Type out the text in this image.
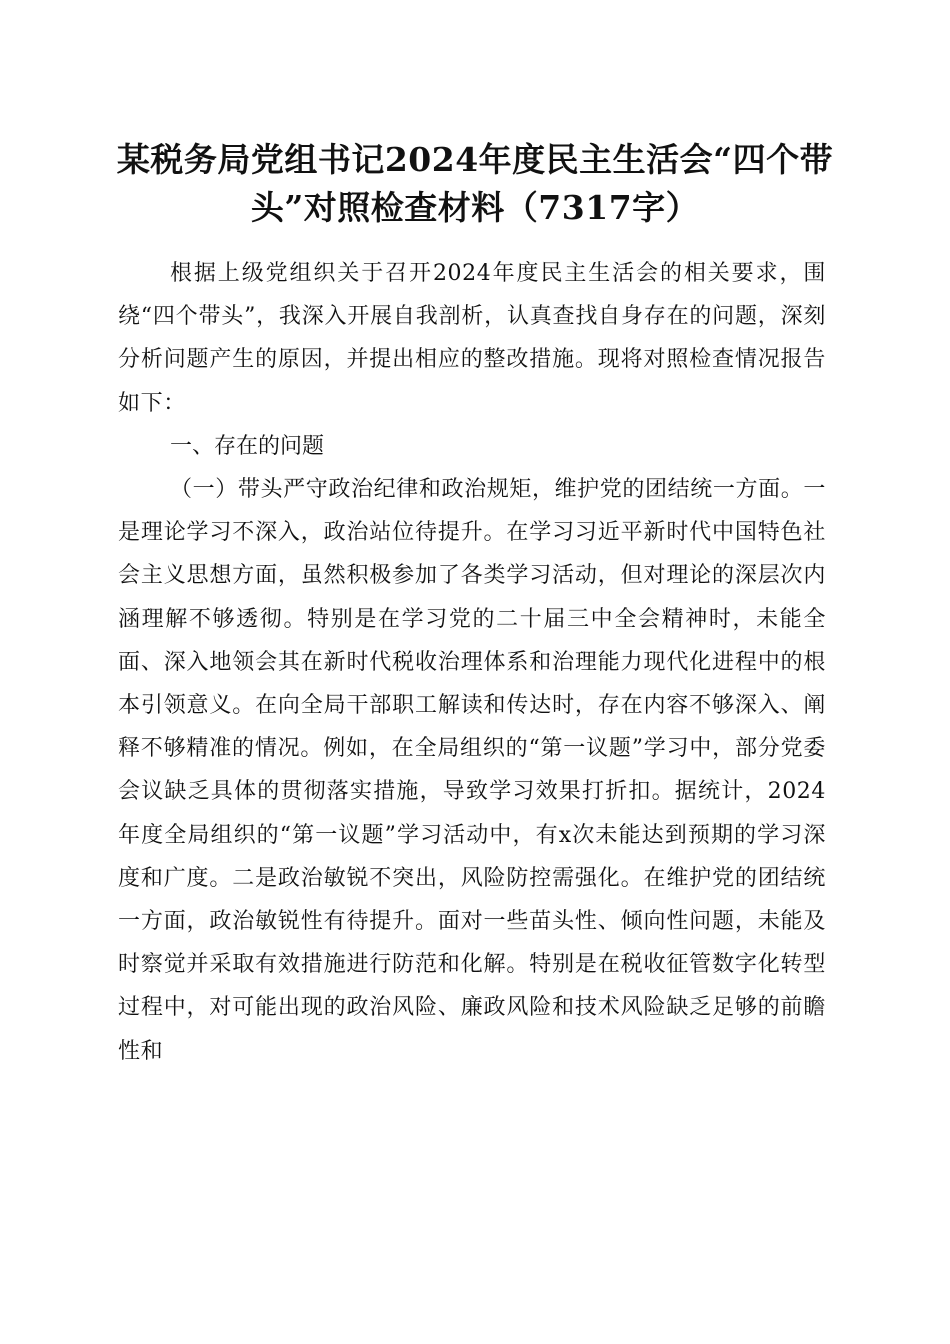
某税务局党组书记2024年度民主生活会“四个带头”对照检查材料（7317字）

根据上级党组织关于召开2024年度民主生活会的相关要求，围绕“四个带头”，我深入开展自我剖析，认真查找自身存在的问题，深刻分析问题产生的原因，并提出相应的整改措施。现将对照检查情况报告如下：

一、存在的问题

（一）带头严守政治纪律和政治规矩，维护党的团结统一方面。一是理论学习不深入，政治站位待提升。在学习习近平新时代中国特色社会主义思想方面，虽然积极参加了各类学习活动，但对理论的深层次内涵理解不够透彻。特别是在学习党的二十届三中全会精神时，未能全面、深入地领会其在新时代税收治理体系和治理能力现代化进程中的根本引领意义。在向全局干部职工解读和传达时，存在内容不够深入、阐释不够精准的情况。例如，在全局组织的“第一议题”学习中，部分党委会议缺乏具体的贯彻落实措施，导致学习效果打折扣。据统计，2024年度全局组织的“第一议题”学习活动中，有x次未能达到预期的学习深度和广度。二是政治敏锐不突出，风险防控需强化。在维护党的团结统一方面，政治敏锐性有待提升。面对一些苗头性、倾向性问题，未能及时察觉并采取有效措施进行防范和化解。特别是在税收征管数字化转型过程中，对可能出现的政治风险、廉政风险和技术风险缺乏足够的前瞻性和
